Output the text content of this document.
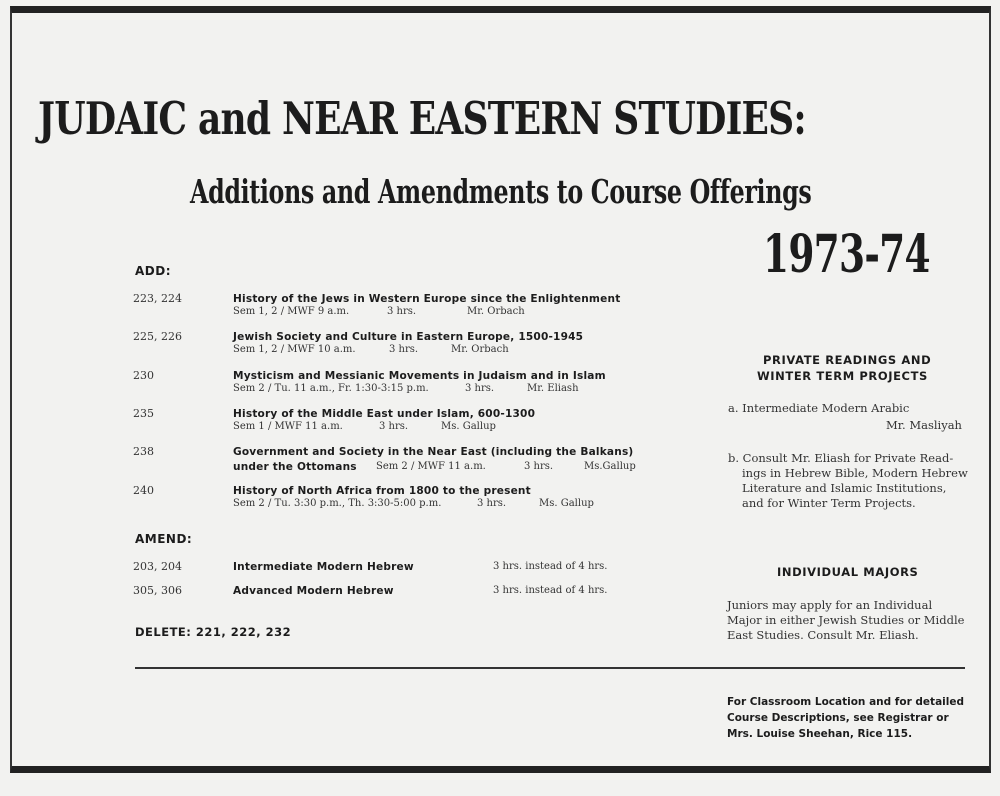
JUDAIC and NEAR EASTERN STUDIES:
Additions and Amendments to Course Offerings
1973-74
ADD:
223, 224	History of the Jews in Western Europe since the Enlightenment
Sem 1, 2 / MWF 9 a.m.	3 hrs.	Mr. Orbach
225, 226	Jewish Society and Culture in Eastern Europe, 1500-1945
Sem 1, 2 / MWF 10 a.m.	3 hrs.	Mr. Orbach
230	Mysticism and Messianic Movements in Judaism and in Islam
Sem 2 / Tu. 11 a.m., Fr. 1:30-3:15 p.m.	3 hrs.	Mr. Eliash
235	History of the Middle East under Islam, 600-1300
Sem 1 / MWF 11 a.m.	3 hrs.	Ms. Gallup
238	Government and Society in the Near East (including the Balkans)
under the Ottomans Sem 2 / MWF 11 a.m.	3 hrs.	Ms.Gallup
240	History of North Africa from 1800 to the present
Sem 2 / Tu. 3:30 p.m., Th. 3:30-5:00 p.m.	3 hrs.	Ms. Gallup
AMEND:
203, 204	Intermediate Modern Hebrew	3 hrs. instead of 4 hrs.
305, 306	Advanced Modern Hebrew	3 hrs. instead of 4 hrs.
DELETE: 221, 222, 232
PRIVATE READINGS AND
WINTER TERM PROJECTS
a. Intermediate Modern Arabic
Mr. Masliyah
b. Consult Mr. Eliash for Private Read-
ings in Hebrew Bible, Modern Hebrew
Literature and Islamic Institutions,
and for Winter Term Projects.
INDIVIDUAL MAJORS
Juniors may apply for an Individual
Major in either Jewish Studies or Middle
East Studies. Consult Mr. Eliash.
For Classroom Location and for detailed
Course Descriptions, see Registrar or
Mrs. Louise Sheehan, Rice 115.
